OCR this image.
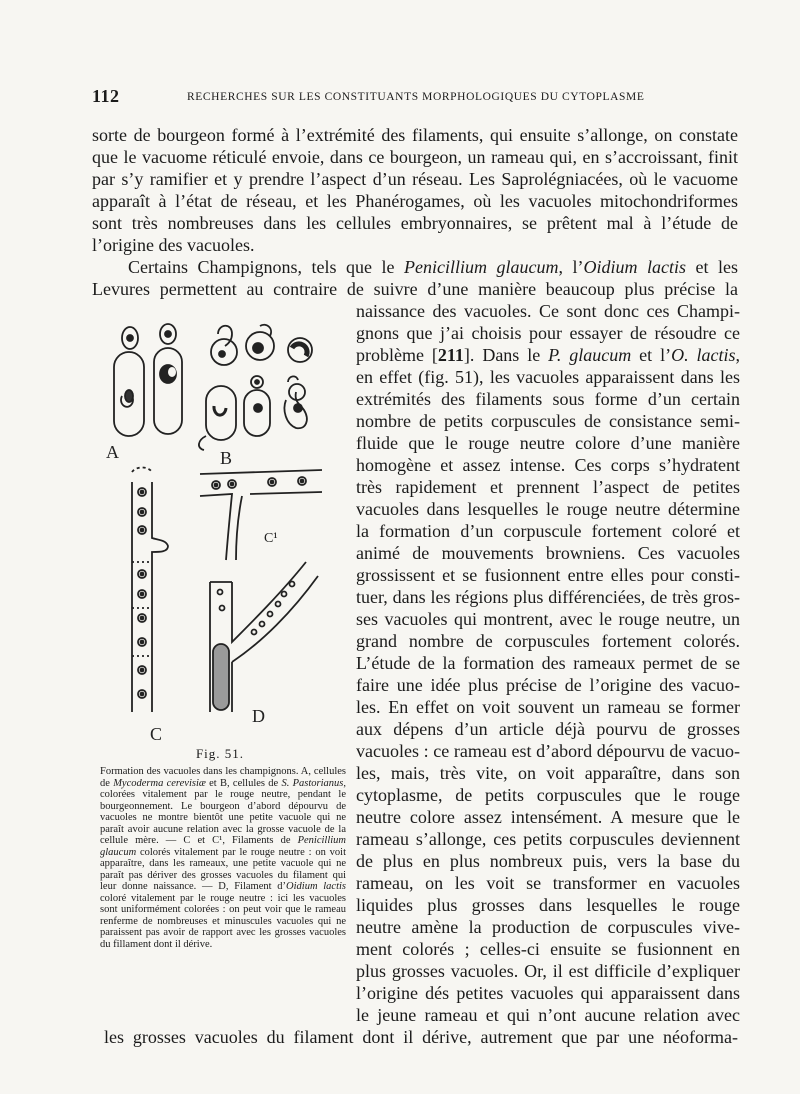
112	RECHERCHES SUR LES CONSTITUANTS MORPHOLOGIQUES DU CYTOPLASME
sorte de bourgeon formé à l’extrémité des filaments, qui ensuite s’allonge, on constate
que le vacuome réticulé envoie, dans ce bourgeon, un rameau qui, en s’accroissant, finit
par s’y ramifier et y prendre l’aspect d’un réseau. Les Saprolégniacées, où le vacuome
apparaît à l’état de réseau, et les Phanérogames, où les vacuoles mitochondriformes
sont très nombreuses dans les cellules embryonnaires, se prêtent mal à l’étude de
l’origine des vacuoles.
Certains Champignons, tels que le Penicillium glaucum, l’Oidium lactis et les
Levures permettent au contraire de suivre d’une manière beaucoup plus précise la
naissance des vacuoles. Ce sont donc ces Champi-
gnons que j’ai choisis pour essayer de résoudre ce
problème [211]. Dans le P. glaucum et l’O. lactis,
en effet (fig. 51), les vacuoles apparaissent dans les
extrémités des filaments sous forme d’un certain
nombre de petits corpuscules de consistance semi-
fluide que le rouge neutre colore d’une manière
homogène et assez intense. Ces corps s’hydratent
très rapidement et prennent l’aspect de petites
vacuoles dans lesquelles le rouge neutre détermine
la formation d’un corpuscule fortement coloré et
animé de mouvements browniens. Ces vacuoles
grossissent et se fusionnent entre elles pour consti-
tuer, dans les régions plus différenciées, de très gros-
ses vacuoles qui montrent, avec le rouge neutre, un
grand nombre de corpuscules fortement colorés.
L’étude de la formation des rameaux permet de se
faire une idée plus précise de l’origine des vacuo-
les. En effet on voit souvent un rameau se former
aux dépens d’un article déjà pourvu de grosses
vacuoles : ce rameau est d’abord dépourvu de vacuo-
les, mais, très vite, on voit apparaître, dans son
cytoplasme, de petits corpuscules que le rouge
neutre colore assez intensément. A mesure que le
rameau s’allonge, ces petits corpuscules deviennent
de plus en plus nombreux puis, vers la base du
rameau, on les voit se transformer en vacuoles
liquides plus grosses dans lesquelles le rouge
neutre amène la production de corpuscules vive-
ment colorés ; celles-ci ensuite se fusionnent en
plus grosses vacuoles. Or, il est difficile d’expliquer
l’origine dés petites vacuoles qui apparaissent dans
le jeune rameau et qui n’ont aucune relation avec
les grosses vacuoles du filament dont il dérive, autrement que par une néoforma-
A	B
C¹
C
D
Fig. 51.
Formation des vacuoles dans les champignons. A, cellules de Mycoderma cerevisiæ et B, cellules de S. Pastorianus, colorées vitalement par le rouge neutre, pendant le bourgeonnement. Le bourgeon d’abord dépourvu de vacuoles ne montre bientôt une petite vacuole qui ne paraît avoir aucune relation avec la grosse vacuole de la cellule mère. — C et C¹, Filaments de Penicillium glaucum colorés vitalement par le rouge neutre : on voit apparaître, dans les rameaux, une petite vacuole qui ne paraît pas dériver des grosses vacuoles du filament qui leur donne naissance. — D, Filament d’Oidium lactis coloré vitalement par le rouge neutre : ici les vacuoles sont uniformément colorées : on peut voir que le rameau renferme de nombreuses et minuscules vacuoles qui ne paraissent pas avoir de rapport avec les grosses vacuoles du fillament dont il dérive.
